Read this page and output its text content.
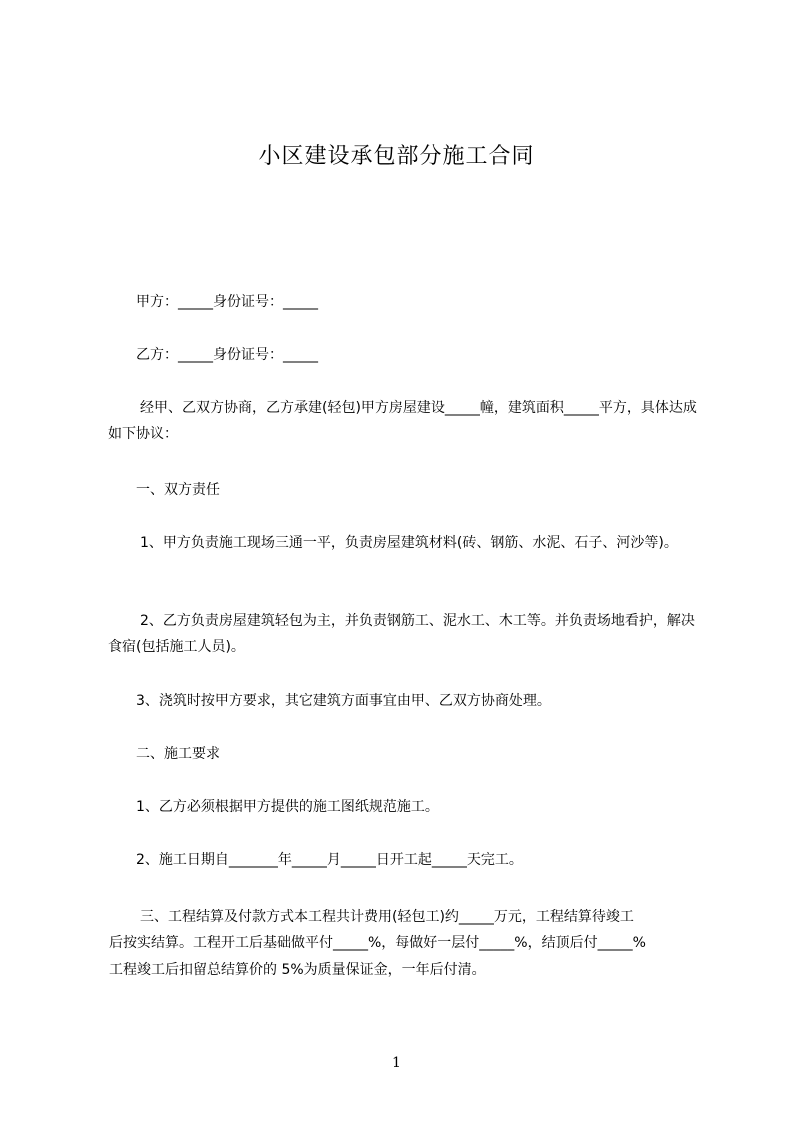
小区建设承包部分施工合同
甲方：_____身份证号：_____
乙方：_____身份证号：_____
经甲、乙双方协商，乙方承建(轻包)甲方房屋建设_____幢，建筑面积_____平方，具体达成如下协议：
一、双方责任
1、甲方负责施工现场三通一平，负责房屋建筑材料(砖、钢筋、水泥、石子、河沙等)。
2、乙方负责房屋建筑轻包为主，并负责钢筋工、泥水工、木工等。并负责场地看护，解决食宿(包括施工人员)。
3、浇筑时按甲方要求，其它建筑方面事宜由甲、乙双方协商处理。
二、施工要求
1、乙方必须根据甲方提供的施工图纸规范施工。
2、施工日期自_______年_____月_____日开工起_____天完工。
三、工程结算及付款方式本工程共计费用(轻包工)约_____万元，工程结算待竣工
后按实结算。工程开工后基础做平付_____%，每做好一层付_____%，结顶后付_____%
工程竣工后扣留总结算价的 5%为质量保证金，一年后付清。
1
